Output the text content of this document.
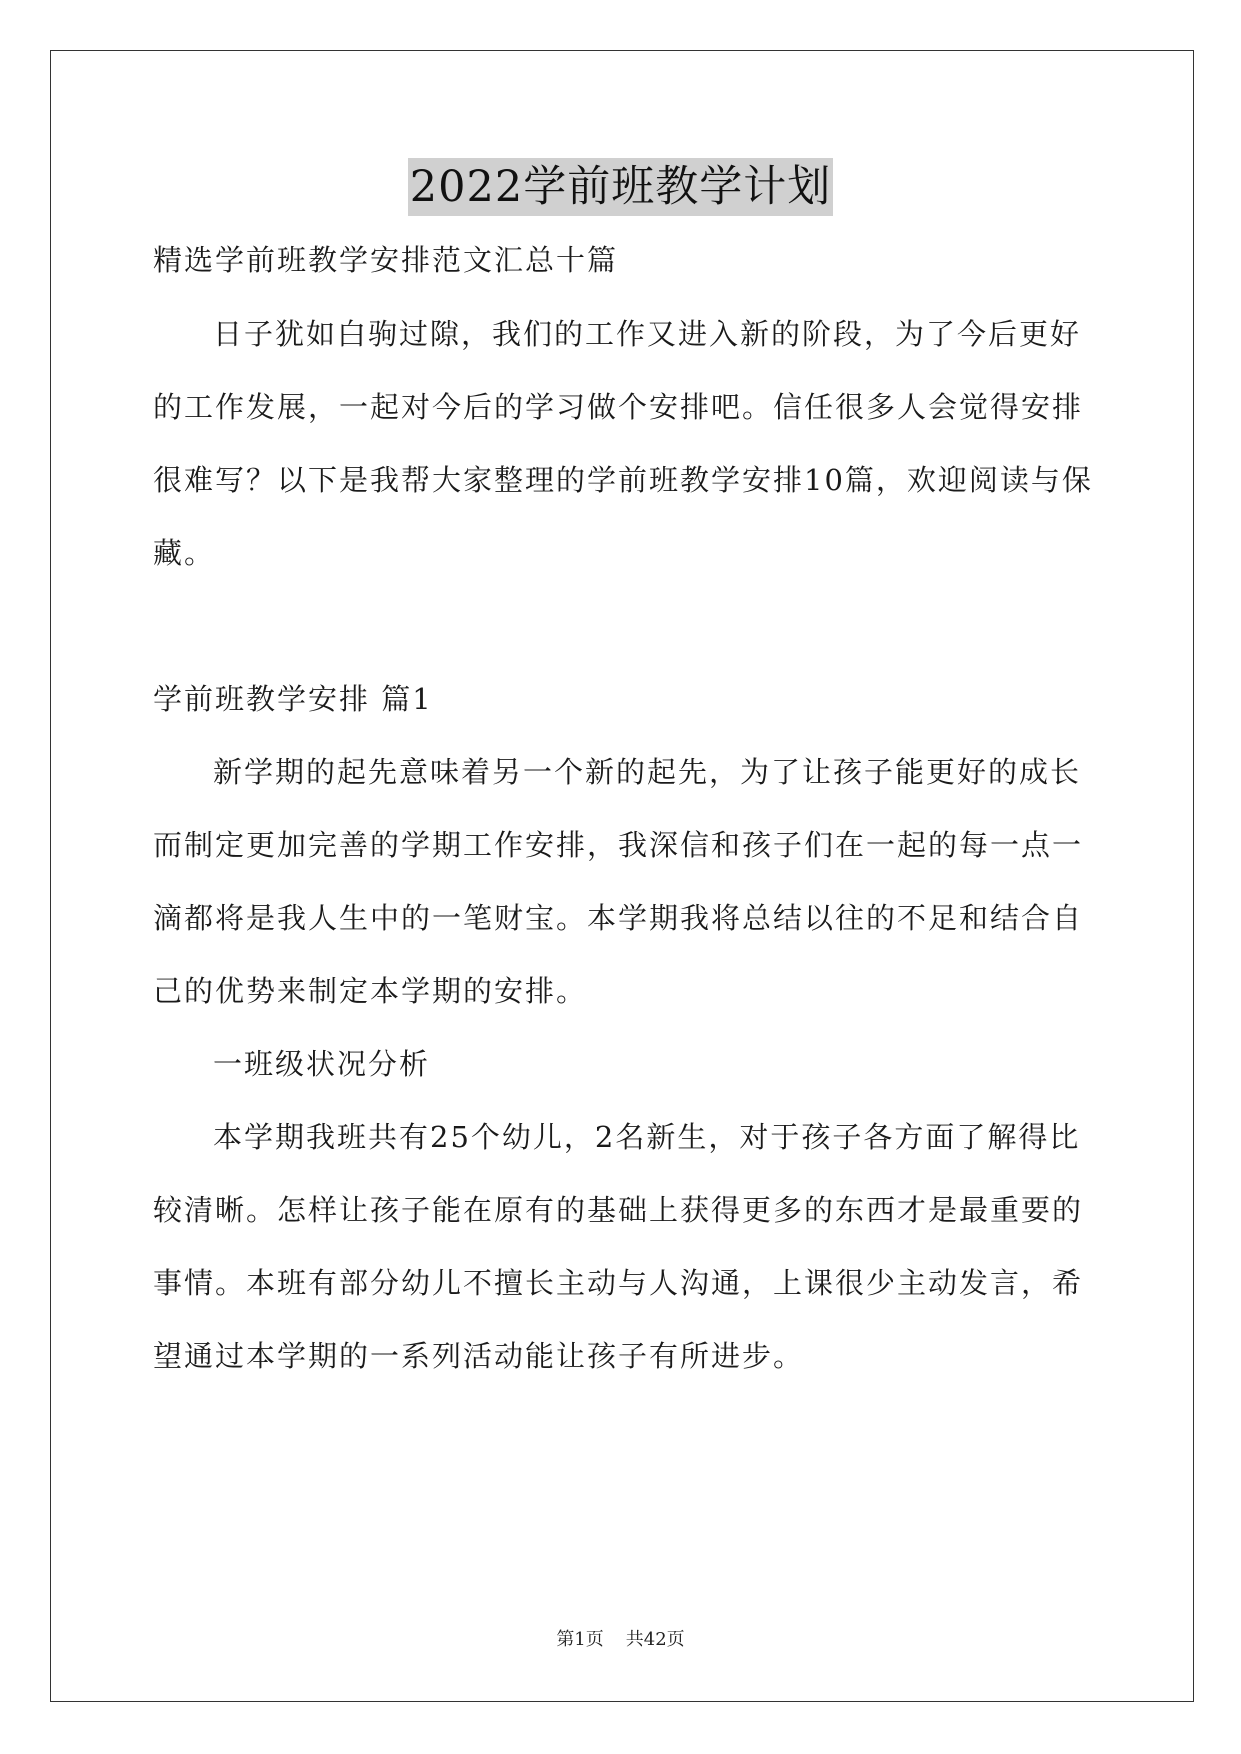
2022学前班教学计划
精选学前班教学安排范文汇总十篇
日子犹如白驹过隙，我们的工作又进入新的阶段，为了今后更好
的工作发展，一起对今后的学习做个安排吧。信任很多人会觉得安排
很难写？以下是我帮大家整理的学前班教学安排10篇，欢迎阅读与保
藏。
学前班教学安排 篇1
新学期的起先意味着另一个新的起先，为了让孩子能更好的成长
而制定更加完善的学期工作安排，我深信和孩子们在一起的每一点一
滴都将是我人生中的一笔财宝。本学期我将总结以往的不足和结合自
己的优势来制定本学期的安排。
一班级状况分析
本学期我班共有25个幼儿，2名新生，对于孩子各方面了解得比
较清晰。怎样让孩子能在原有的基础上获得更多的东西才是最重要的
事情。本班有部分幼儿不擅长主动与人沟通，上课很少主动发言，希
望通过本学期的一系列活动能让孩子有所进步。
第1页 共42页
